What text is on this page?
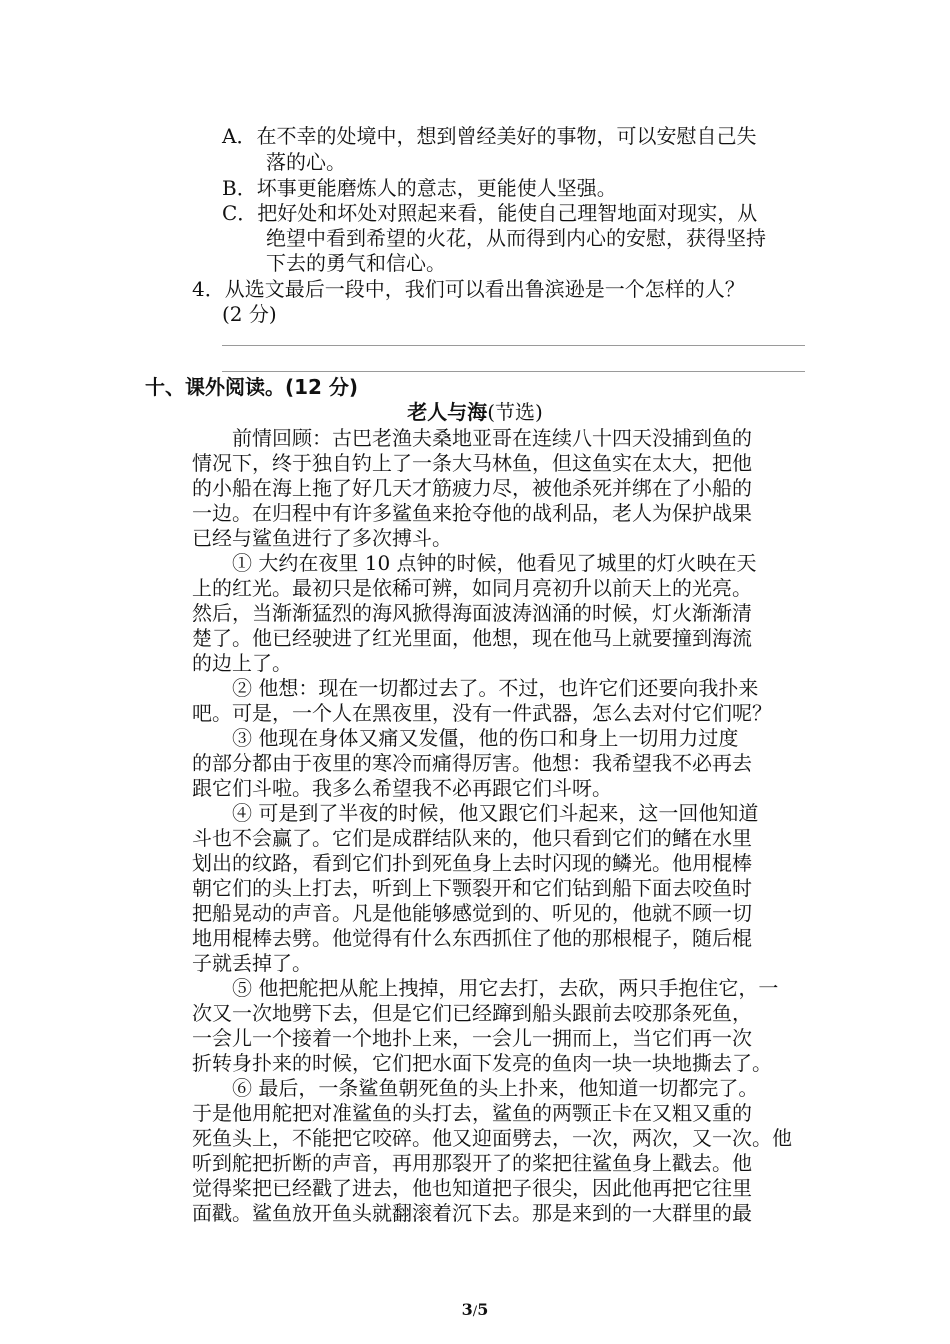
A．在不幸的处境中，想到曾经美好的事物，可以安慰自己失
落的心。
B．坏事更能磨炼人的意志，更能使人坚强。
C．把好处和坏处对照起来看，能使自己理智地面对现实，从
绝望中看到希望的火花，从而得到内心的安慰，获得坚持
下去的勇气和信心。
4．从选文最后一段中，我们可以看出鲁滨逊是一个怎样的人？
(2 分)
十、课外阅读。(12 分)
老人与海(节选)
前情回顾：古巴老渔夫桑地亚哥在连续八十四天没捕到鱼的
情况下，终于独自钓上了一条大马林鱼，但这鱼实在太大，把他
的小船在海上拖了好几天才筋疲力尽，被他杀死并绑在了小船的
一边。在归程中有许多鲨鱼来抢夺他的战利品，老人为保护战果
已经与鲨鱼进行了多次搏斗。
① 大约在夜里 10 点钟的时候，他看见了城里的灯火映在天
上的红光。最初只是依稀可辨，如同月亮初升以前天上的光亮。
然后，当渐渐猛烈的海风掀得海面波涛汹涌的时候，灯火渐渐清
楚了。他已经驶进了红光里面，他想，现在他马上就要撞到海流
的边上了。
② 他想：现在一切都过去了。不过，也许它们还要向我扑来
吧。可是，一个人在黑夜里，没有一件武器，怎么去对付它们呢？
③ 他现在身体又痛又发僵，他的伤口和身上一切用力过度
的部分都由于夜里的寒冷而痛得厉害。他想：我希望我不必再去
跟它们斗啦。我多么希望我不必再跟它们斗呀。
④ 可是到了半夜的时候，他又跟它们斗起来，这一回他知道
斗也不会赢了。它们是成群结队来的，他只看到它们的鳍在水里
划出的纹路，看到它们扑到死鱼身上去时闪现的鳞光。他用棍棒
朝它们的头上打去，听到上下颚裂开和它们钻到船下面去咬鱼时
把船晃动的声音。凡是他能够感觉到的、听见的，他就不顾一切
地用棍棒去劈。他觉得有什么东西抓住了他的那根棍子，随后棍
子就丢掉了。
⑤ 他把舵把从舵上拽掉，用它去打，去砍，两只手抱住它，一
次又一次地劈下去，但是它们已经蹿到船头跟前去咬那条死鱼，
一会儿一个接着一个地扑上来，一会儿一拥而上，当它们再一次
折转身扑来的时候，它们把水面下发亮的鱼肉一块一块地撕去了。
⑥ 最后，一条鲨鱼朝死鱼的头上扑来，他知道一切都完了。
于是他用舵把对准鲨鱼的头打去，鲨鱼的两颚正卡在又粗又重的
死鱼头上，不能把它咬碎。他又迎面劈去，一次，两次，又一次。他
听到舵把折断的声音，再用那裂开了的桨把往鲨鱼身上戳去。他
觉得桨把已经戳了进去，他也知道把子很尖，因此他再把它往里
面戳。鲨鱼放开鱼头就翻滚着沉下去。那是来到的一大群里的最
3/5
